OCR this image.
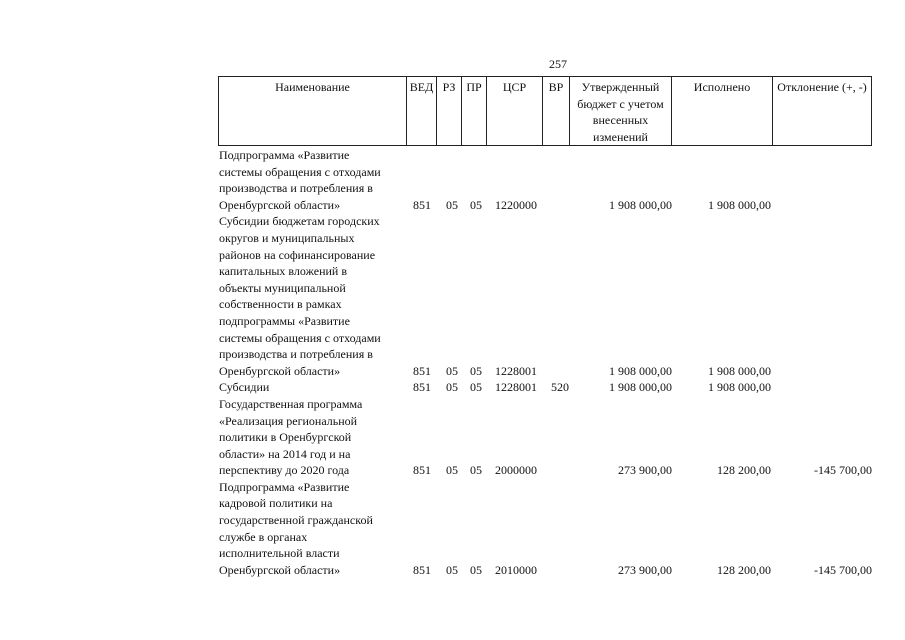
257
Наименование	ВЕД	РЗ	ПР	ЦСР	ВР	Утвержденный бюджет с учетом внесенных изменений	Исполнено	Отклонение (+, -)
Подпрограмма «Развитие
системы обращения с отходами
производства и потребления в
Оренбургской области»	851 05 05 1220000	1 908 000,00	1 908 000,00
Субсидии бюджетам городских
округов и муниципальных
районов на софинансирование
капитальных вложений в
объекты муниципальной
собственности в рамках
подпрограммы «Развитие
системы обращения с отходами
производства и потребления в
Оренбургской области»	851 05 05 1228001	1 908 000,00	1 908 000,00
Субсидии	851 05 05 1228001 520	1 908 000,00	1 908 000,00
Государственная программа
«Реализация региональной
политики в Оренбургской
области» на 2014 год и на
перспективу до 2020 года	851 05 05 2000000	273 900,00	128 200,00	-145 700,00
Подпрограмма «Развитие
кадровой политики на
государственной гражданской
службе в органах
исполнительной власти
Оренбургской области»	851 05 05 2010000	273 900,00	128 200,00	-145 700,00
